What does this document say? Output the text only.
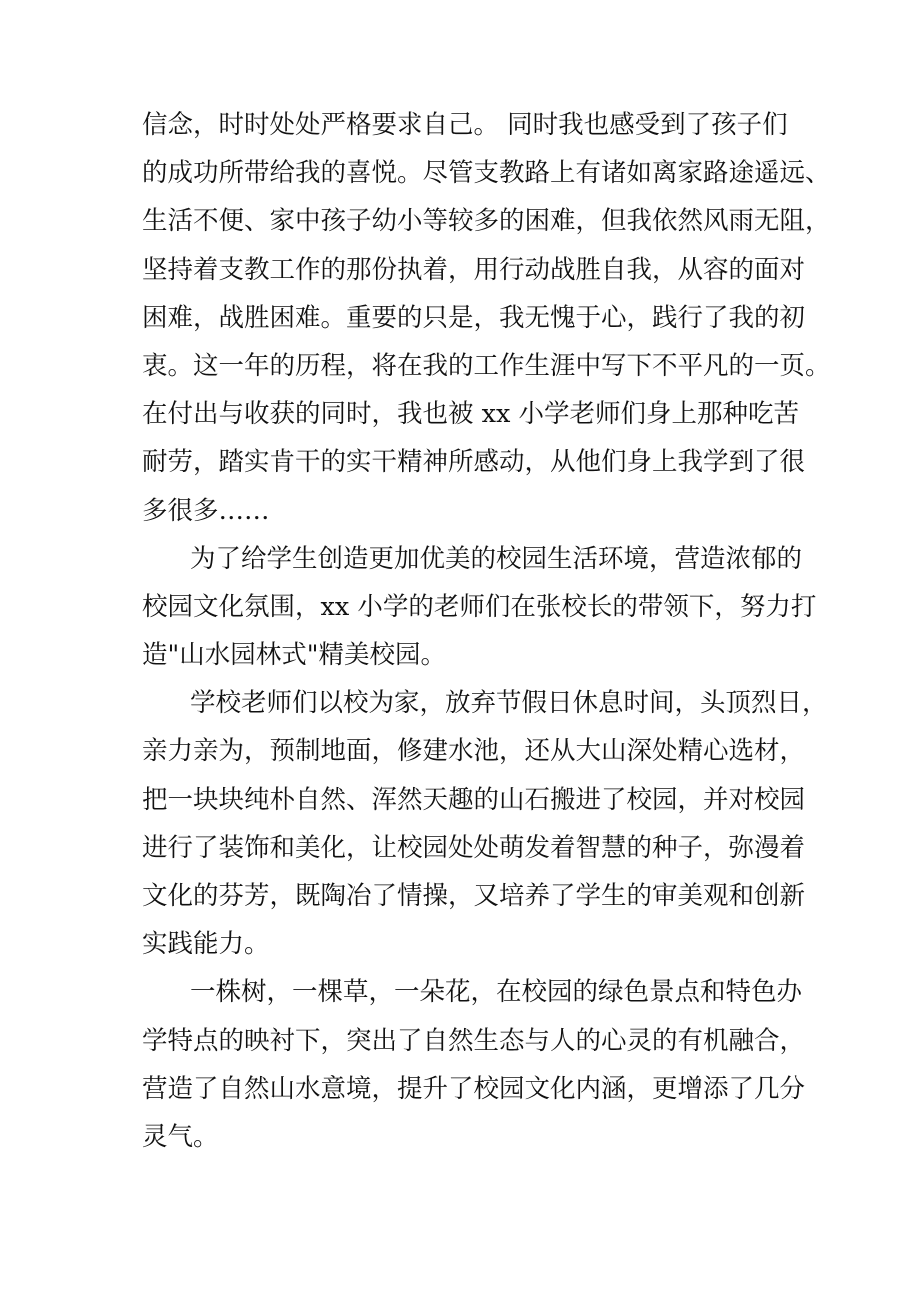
信念，时时处处严格要求自己。 同时我也感受到了孩子们
的成功所带给我的喜悦。尽管支教路上有诸如离家路途遥远、
生活不便、家中孩子幼小等较多的困难，但我依然风雨无阻，
坚持着支教工作的那份执着，用行动战胜自我，从容的面对
困难，战胜困难。重要的只是，我无愧于心，践行了我的初
衷。这一年的历程，将在我的工作生涯中写下不平凡的一页。
在付出与收获的同时，我也被 xx 小学老师们身上那种吃苦
耐劳，踏实肯干的实干精神所感动，从他们身上我学到了很
多很多……
为了给学生创造更加优美的校园生活环境，营造浓郁的
校园文化氛围，xx 小学的老师们在张校长的带领下，努力打
造"山水园林式"精美校园。
学校老师们以校为家，放弃节假日休息时间，头顶烈日，
亲力亲为，预制地面，修建水池，还从大山深处精心选材，
把一块块纯朴自然、浑然天趣的山石搬进了校园，并对校园
进行了装饰和美化，让校园处处萌发着智慧的种子，弥漫着
文化的芬芳，既陶冶了情操，又培养了学生的审美观和创新
实践能力。
一株树，一棵草，一朵花，在校园的绿色景点和特色办
学特点的映衬下，突出了自然生态与人的心灵的有机融合，
营造了自然山水意境，提升了校园文化内涵，更增添了几分
灵气。
